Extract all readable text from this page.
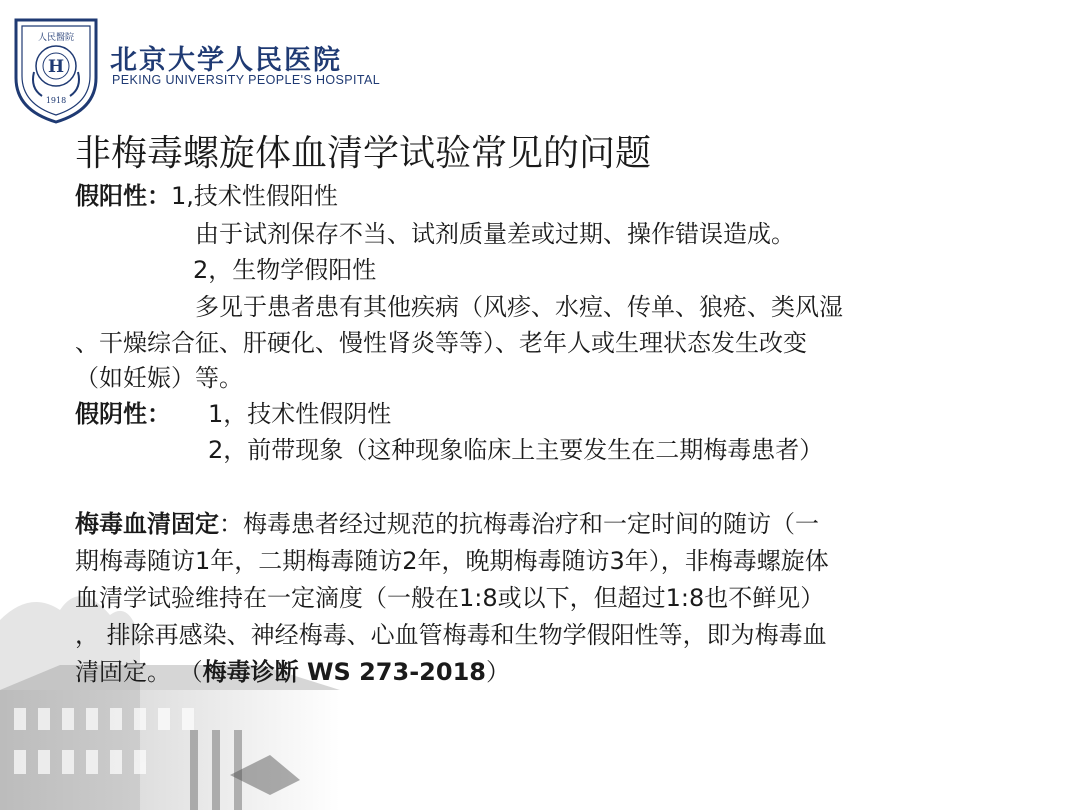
人民醫院
H
1918
北京大学人民医院
PEKING UNIVERSITY PEOPLE'S HOSPITAL
非梅毒螺旋体血清学试验常见的问题
假阳性：1,技术性假阳性
由于试剂保存不当、试剂质量差或过期、操作错误造成。
2，生物学假阳性
多见于患者患有其他疾病（风疹、水痘、传单、狼疮、类风湿
、干燥综合征、肝硬化、慢性肾炎等等）、老年人或生理状态发生改变
（如妊娠）等。
假阴性： 1，技术性假阴性
2，前带现象（这种现象临床上主要发生在二期梅毒患者）
梅毒血清固定：梅毒患者经过规范的抗梅毒治疗和一定时间的随访（一
期梅毒随访1年，二期梅毒随访2年，晚期梅毒随访3年），非梅毒螺旋体
血清学试验维持在一定滴度（一般在1:8或以下，但超过1:8也不鲜见）
， 排除再感染、神经梅毒、心血管梅毒和生物学假阳性等，即为梅毒血
清固定。 （梅毒诊断 WS 273-2018）
